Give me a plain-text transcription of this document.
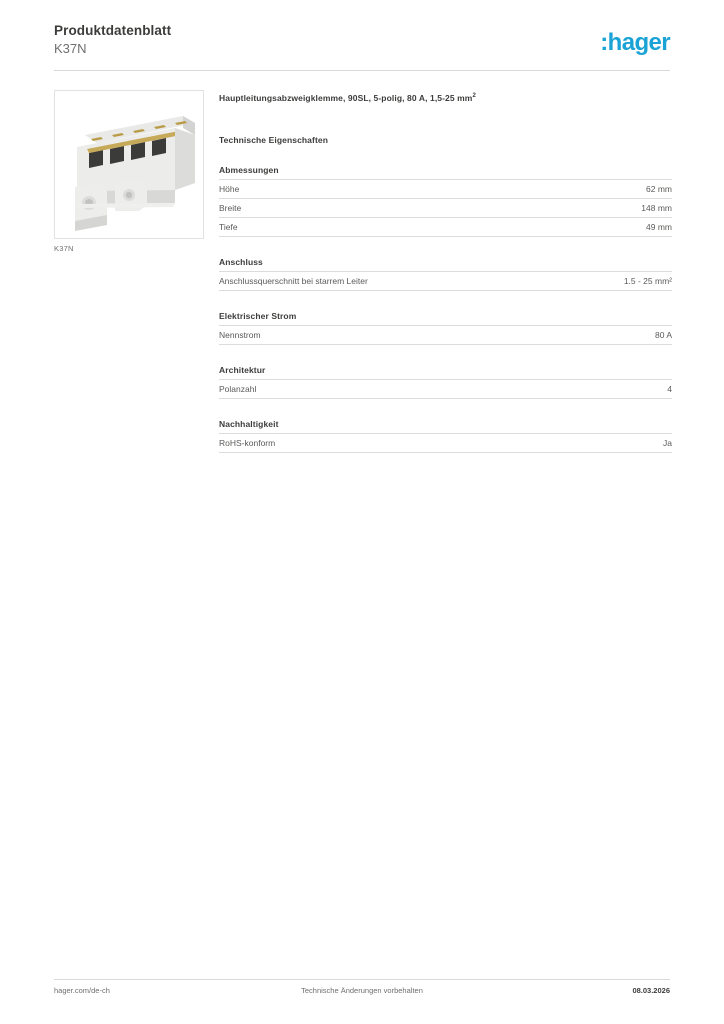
Produktdatenblatt
K37N	:hager
K37N
Hauptleitungsabzweigklemme, 90SL, 5-polig, 80 A, 1,5-25 $mm^2$
Technische Eigenschaften
Abmessungen
Höhe	62 mm
Breite	148 mm
Tiefe	49 mm
Anschluss
Anschlussquerschnitt bei starrem Leiter	1.5 - 25 mm²
Elektrischer Strom
Nennstrom	80 A
Architektur
Polanzahl	4
Nachhaltigkeit
RoHS-konform	Ja
hager.com/de-ch	Technische Änderungen vorbehalten	08.03.2026
